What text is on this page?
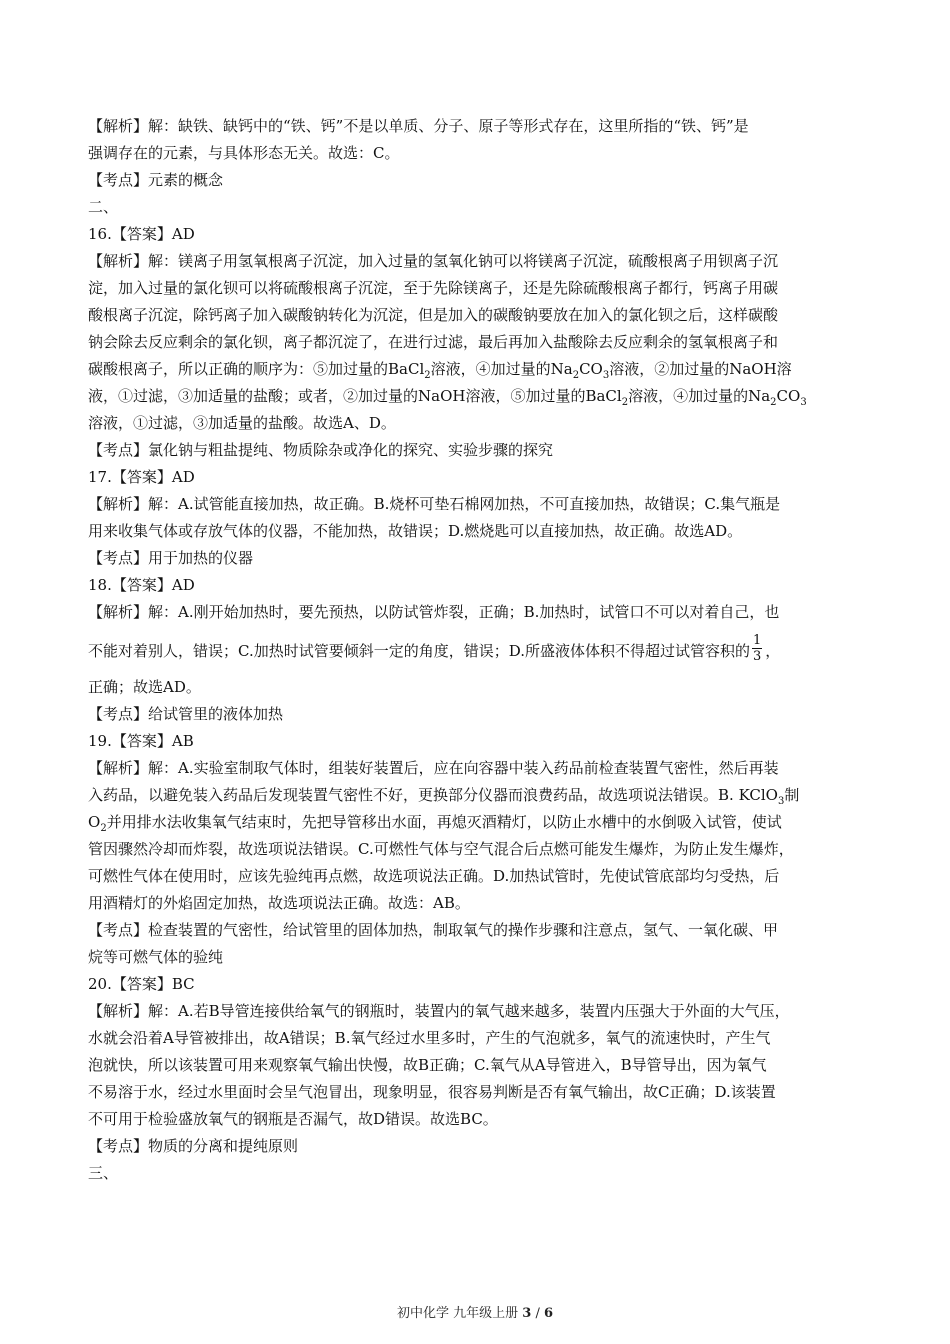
【解析】解：缺铁、缺钙中的“铁、钙”不是以单质、分子、原子等形式存在，这里所指的“铁、钙”是
强调存在的元素，与具体形态无关。故选：C。
【考点】元素的概念
二、
16.【答案】AD
【解析】解：镁离子用氢氧根离子沉淀，加入过量的氢氧化钠可以将镁离子沉淀，硫酸根离子用钡离子沉
淀，加入过量的氯化钡可以将硫酸根离子沉淀，至于先除镁离子，还是先除硫酸根离子都行，钙离子用碳
酸根离子沉淀，除钙离子加入碳酸钠转化为沉淀，但是加入的碳酸钠要放在加入的氯化钡之后，这样碳酸
钠会除去反应剩余的氯化钡，离子都沉淀了，在进行过滤，最后再加入盐酸除去反应剩余的氢氧根离子和
碳酸根离子，所以正确的顺序为：⑤加过量的BaCl$_2$溶液，④加过量的$Na_2CO_3$溶液，②加过量的NaOH溶
液，①过滤，③加适量的盐酸；或者，②加过量的NaOH溶液，⑤加过量的BaCl$_2$溶液，④加过量的$Na_2CO_3$
溶液，①过滤，③加适量的盐酸。故选A、D。
【考点】氯化钠与粗盐提纯、物质除杂或净化的探究、实验步骤的探究
17.【答案】AD
【解析】解：A.试管能直接加热，故正确。B.烧杯可垫石棉网加热，不可直接加热，故错误；C.集气瓶是
用来收集气体或存放气体的仪器，不能加热，故错误；D.燃烧匙可以直接加热，故正确。故选AD。
【考点】用于加热的仪器
18.【答案】AD
【解析】解：A.刚开始加热时，要先预热，以防试管炸裂，正确；B.加热时，试管口不可以对着自己，也
不能对着别人，错误；C.加热时试管要倾斜一定的角度，错误；D.所盛液体体积不得超过试管容积的 $\frac{1}{3}$ ，
正确；故选AD。
【考点】给试管里的液体加热
19.【答案】AB
【解析】解：A.实验室制取气体时，组装好装置后，应在向容器中装入药品前检查装置气密性，然后再装
入药品，以避免装入药品后发现装置气密性不好，更换部分仪器而浪费药品，故选项说法错误。B. KClO$_3$制
$O_2$并用排水法收集氧气结束时，先把导管移出水面，再熄灭酒精灯，以防止水槽中的水倒吸入试管，使试
管因骤然冷却而炸裂，故选项说法错误。C.可燃性气体与空气混合后点燃可能发生爆炸，为防止发生爆炸，
可燃性气体在使用时，应该先验纯再点燃，故选项说法正确。D.加热试管时，先使试管底部均匀受热，后
用酒精灯的外焰固定加热，故选项说法正确。故选：AB。
【考点】检查装置的气密性，给试管里的固体加热，制取氧气的操作步骤和注意点，氢气、一氧化碳、甲
烷等可燃气体的验纯
20.【答案】BC
【解析】解：A.若B导管连接供给氧气的钢瓶时，装置内的氧气越来越多，装置内压强大于外面的大气压，
水就会沿着A导管被排出，故A错误；B.氧气经过水里多时，产生的气泡就多，氧气的流速快时，产生气
泡就快，所以该装置可用来观察氧气输出快慢，故B正确；C.氧气从A导管进入，B导管导出，因为氧气
不易溶于水，经过水里面时会呈气泡冒出，现象明显，很容易判断是否有氧气输出，故C正确；D.该装置
不可用于检验盛放氧气的钢瓶是否漏气，故D错误。故选BC。
【考点】物质的分离和提纯原则
三、
初中化学 九年级上册 3 / 6
